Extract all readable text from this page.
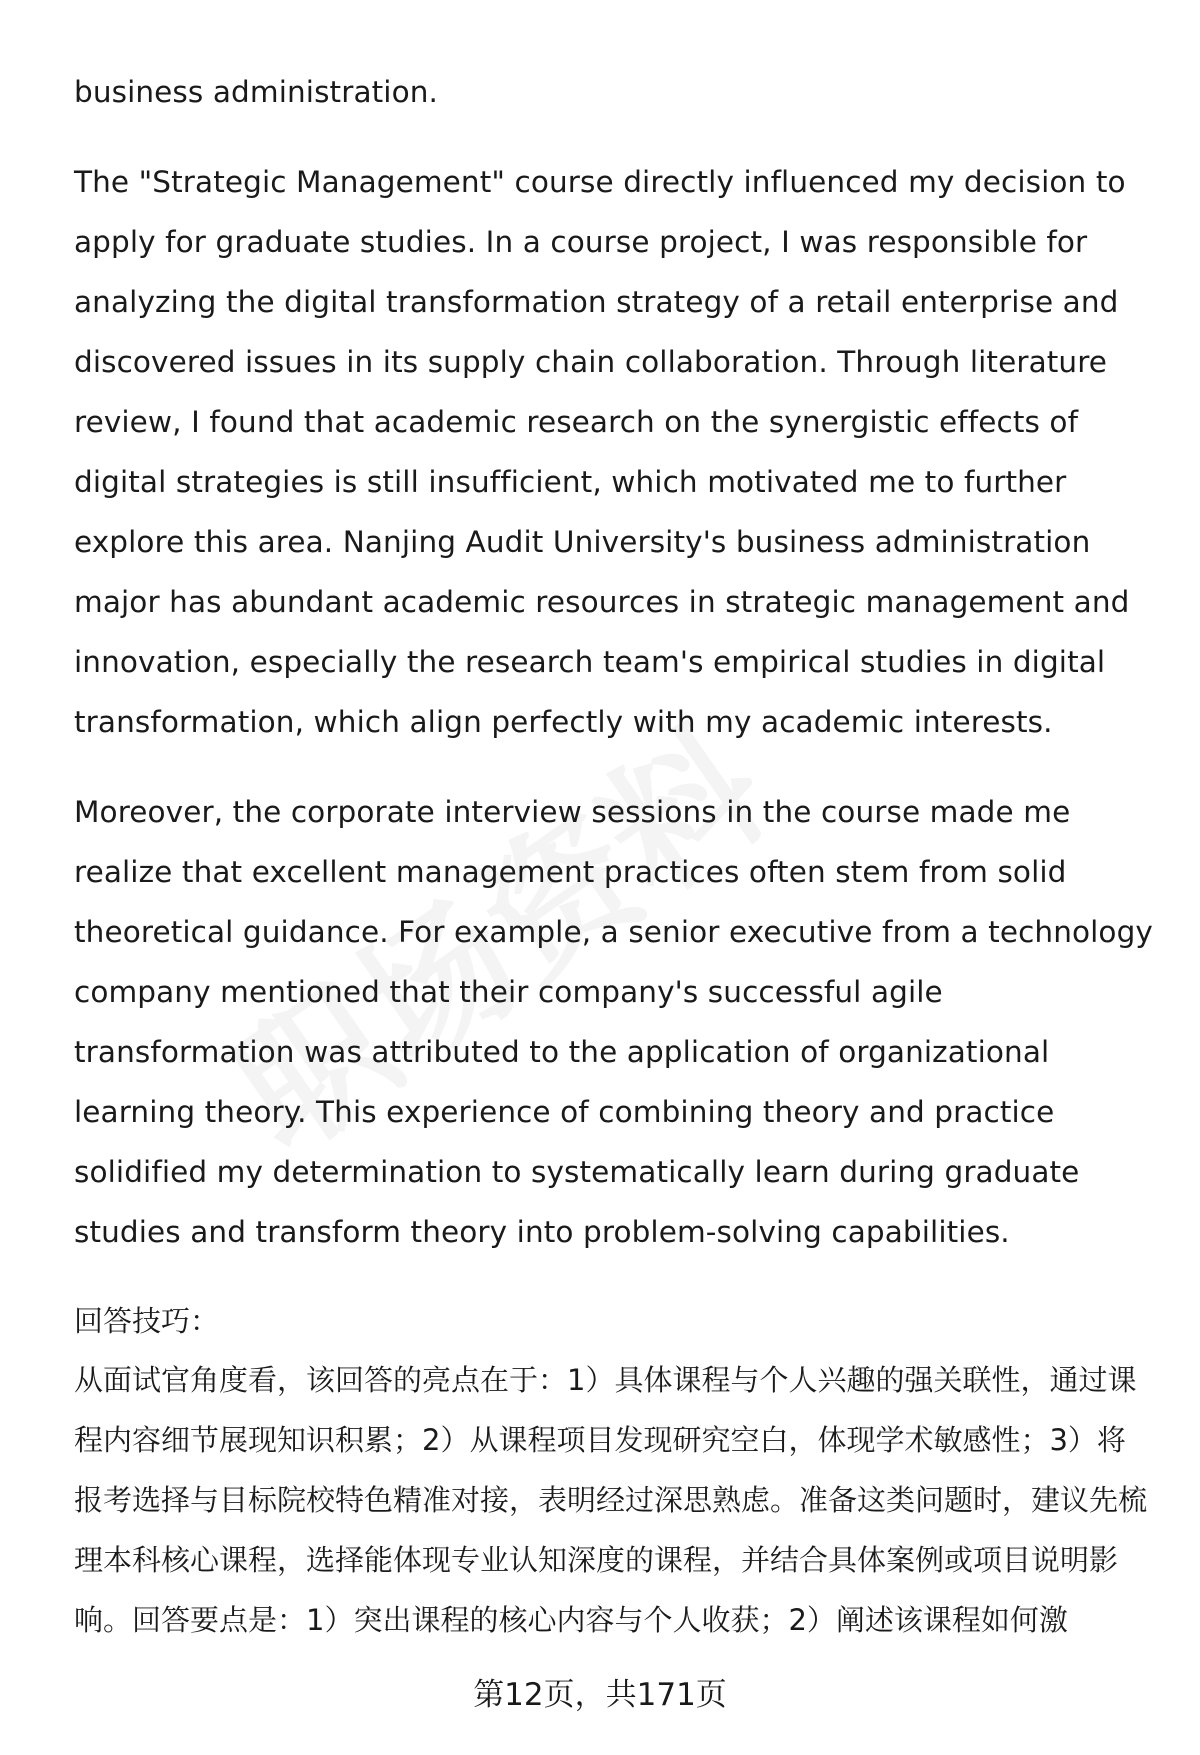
business administration.

The "Strategic Management" course directly influenced my decision to apply for graduate studies. In a course project, I was responsible for analyzing the digital transformation strategy of a retail enterprise and discovered issues in its supply chain collaboration. Through literature review, I found that academic research on the synergistic effects of digital strategies is still insufficient, which motivated me to further explore this area. Nanjing Audit University's business administration major has abundant academic resources in strategic management and innovation, especially the research team's empirical studies in digital transformation, which align perfectly with my academic interests.

Moreover, the corporate interview sessions in the course made me realize that excellent management practices often stem from solid theoretical guidance. For example, a senior executive from a technology company mentioned that their company's successful agile transformation was attributed to the application of organizational learning theory. This experience of combining theory and practice solidified my determination to systematically learn during graduate studies and transform theory into problem-solving capabilities.

回答技巧：

从面试官角度看，该回答的亮点在于：1）具体课程与个人兴趣的强关联性，通过课程内容细节展现知识积累；2）从课程项目发现研究空白，体现学术敏感性；3）将报考选择与目标院校特色精准对接，表明经过深思熟虑。准备这类问题时，建议先梳理本科核心课程，选择能体现专业认知深度的课程，并结合具体案例或项目说明影响。回答要点是：1）突出课程的核心内容与个人收获；2）阐述该课程如何激

第12页，共171页
